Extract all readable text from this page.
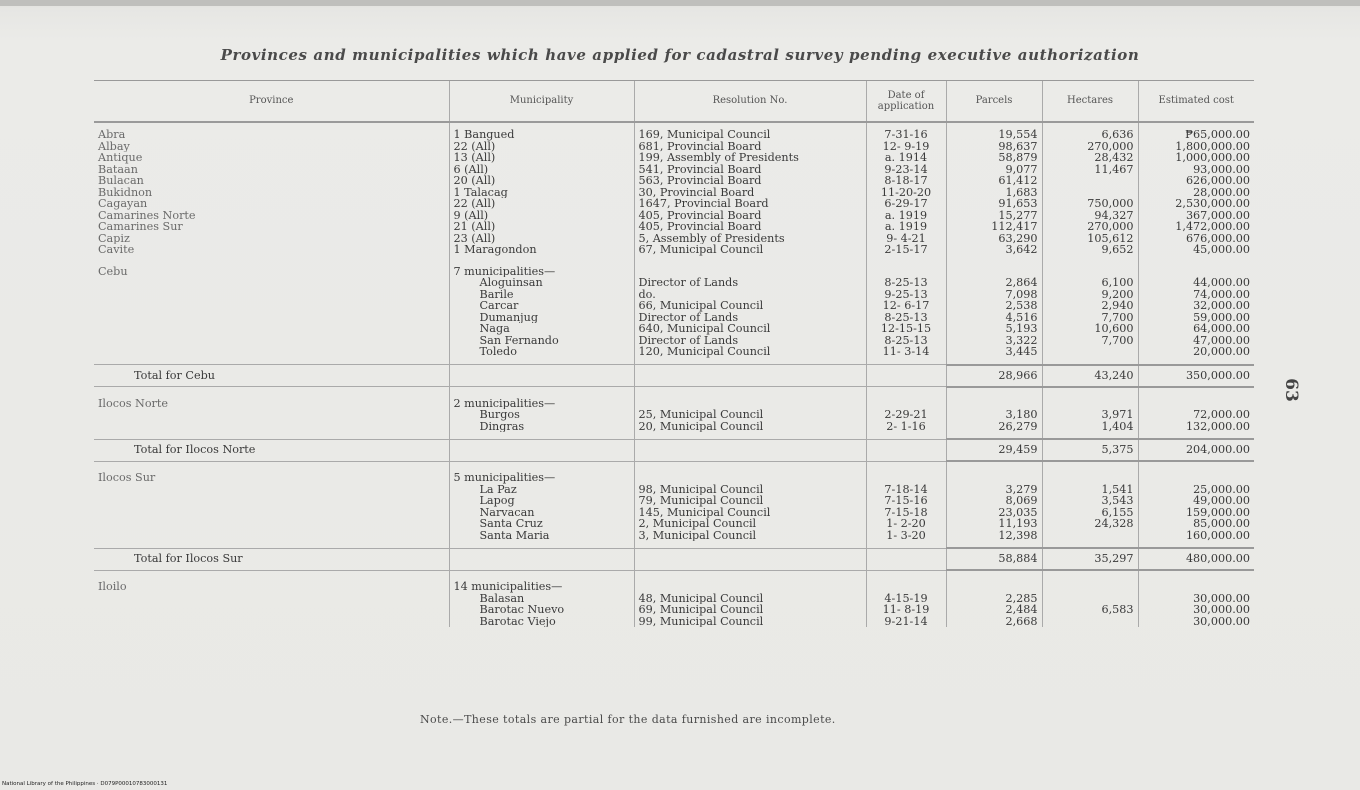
Provinces and municipalities which have applied for cadastral survey pending executive authorization
Province	Municipality	Resolution No.	Date of application	Parcels	Hectares	Estimated cost

Abra	1 Bangued	169, Municipal Council	7-31-16	19,554	6,636	₱65,000.00
Albay	22 (All)	681, Provincial Board	12- 9-19	98,637	270,000	1,800,000.00
Antique	13 (All)	199, Assembly of Presidents	a. 1914	58,879	28,432	1,000,000.00
Bataan	6 (All)	541, Provincial Board	9-23-14	9,077	11,467	93,000.00
Bulacan	20 (All)	563, Provincial Board	8-18-17	61,412		626,000.00
Bukidnon	1 Talacag	30, Provincial Board	11-20-20	1,683		28,000.00
Cagayan	22 (All)	1647, Provincial Board	6-29-17	91,653	750,000	2,530,000.00
Camarines Norte	9 (All)	405, Provincial Board	a. 1919	15,277	94,327	367,000.00
Camarines Sur	21 (All)	405, Provincial Board	a. 1919	112,417	270,000	1,472,000.00
Capiz	23 (All)	5, Assembly of Presidents	9- 4-21	63,290	105,612	676,000.00
Cavite	1 Maragondon	67, Municipal Council	2-15-17	3,642	9,652	45,000.00

Cebu	7 municipalities—					
	Aloguinsan	Director of Lands	8-25-13	2,864	6,100	44,000.00
	Barile	do.	9-25-13	7,098	9,200	74,000.00
	Carcar	66, Municipal Council	12- 6-17	2,538	2,940	32,000.00
	Dumanjug	Director of Lands	8-25-13	4,516	7,700	59,000.00
	Naga	640, Municipal Council	12-15-15	5,193	10,600	64,000.00
	San Fernando	Director of Lands	8-25-13	3,322	7,700	47,000.00
	Toledo	120, Municipal Council	11- 3-14	3,445		20,000.00

Total for Cebu				28,966	43,240	350,000.00

Ilocos Norte	2 municipalities—					
	Burgos	25, Municipal Council	2-29-21	3,180	3,971	72,000.00
	Dingras	20, Municipal Council	2- 1-16	26,279	1,404	132,000.00

Total for Ilocos Norte				29,459	5,375	204,000.00

Ilocos Sur	5 municipalities—					
	La Paz	98, Municipal Council	7-18-14	3,279	1,541	25,000.00
	Lapog	79, Municipal Council	7-15-16	8,069	3,543	49,000.00
	Narvacan	145, Municipal Council	7-15-18	23,035	6,155	159,000.00
	Santa Cruz	2, Municipal Council	1- 2-20	11,193	24,328	85,000.00
	Santa Maria	3, Municipal Council	1- 3-20	12,398		160,000.00

Total for Ilocos Sur				58,884	35,297	480,000.00

Iloilo	14 municipalities—					
	Balasan	48, Municipal Council	4-15-19	2,285		30,000.00
	Barotac Nuevo	69, Municipal Council	11- 8-19	2,484	6,583	30,000.00
	Barotac Viejo	99, Municipal Council	9-21-14	2,668		30,000.00
63
Note.—These totals are partial for the data furnished are incomplete.
National Library of the Philippines · D079P00010783000131
